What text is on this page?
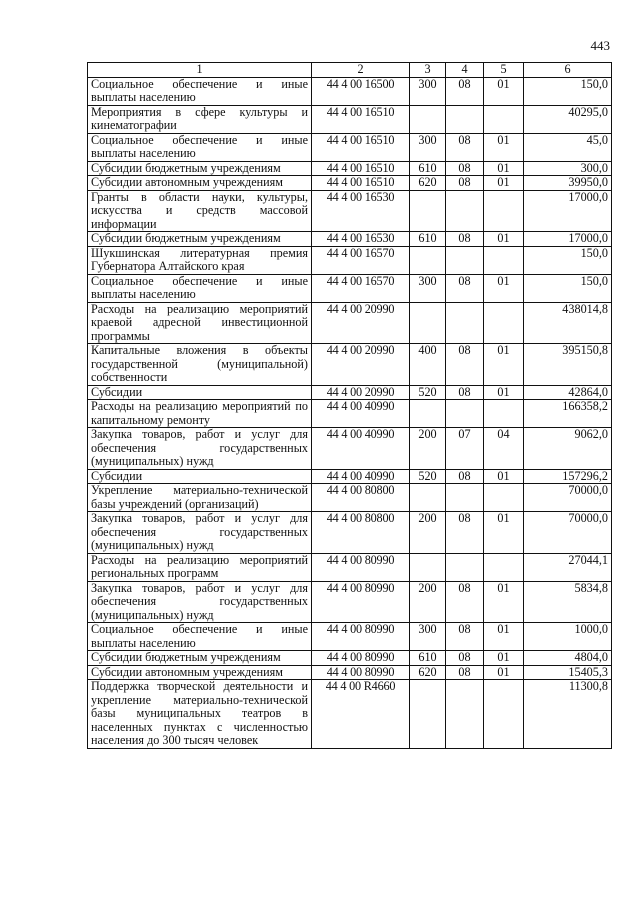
443
1	2	3	4	5	6
Социальное обеспечение и иные выплаты населению	44 4 00 16500	300	08	01	150,0
Мероприятия в сфере культуры и кинематографии	44 4 00 16510				40295,0
Социальное обеспечение и иные выплаты населению	44 4 00 16510	300	08	01	45,0
Субсидии бюджетным учреждениям	44 4 00 16510	610	08	01	300,0
Субсидии автономным учреждениям	44 4 00 16510	620	08	01	39950,0
Гранты в области науки, культуры, искусства и средств массовой информации	44 4 00 16530				17000,0
Субсидии бюджетным учреждениям	44 4 00 16530	610	08	01	17000,0
Шукшинская литературная премия Губернатора Алтайского края	44 4 00 16570				150,0
Социальное обеспечение и иные выплаты населению	44 4 00 16570	300	08	01	150,0
Расходы на реализацию мероприятий краевой адресной инвестиционной программы	44 4 00 20990				438014,8
Капитальные вложения в объекты государственной (муниципальной) собственности	44 4 00 20990	400	08	01	395150,8
Субсидии	44 4 00 20990	520	08	01	42864,0
Расходы на реализацию мероприятий по капитальному ремонту	44 4 00 40990				166358,2
Закупка товаров, работ и услуг для обеспечения государственных (муниципальных) нужд	44 4 00 40990	200	07	04	9062,0
Субсидии	44 4 00 40990	520	08	01	157296,2
Укрепление материально-технической базы учреждений (организаций)	44 4 00 80800				70000,0
Закупка товаров, работ и услуг для обеспечения государственных (муниципальных) нужд	44 4 00 80800	200	08	01	70000,0
Расходы на реализацию мероприятий региональных программ	44 4 00 80990				27044,1
Закупка товаров, работ и услуг для обеспечения государственных (муниципальных) нужд	44 4 00 80990	200	08	01	5834,8
Социальное обеспечение и иные выплаты населению	44 4 00 80990	300	08	01	1000,0
Субсидии бюджетным учреждениям	44 4 00 80990	610	08	01	4804,0
Субсидии автономным учреждениям	44 4 00 80990	620	08	01	15405,3
Поддержка творческой деятельности и укрепление материально-технической базы муниципальных театров в населенных пунктах с численностью населения до 300 тысяч человек	44 4 00 R4660				11300,8
